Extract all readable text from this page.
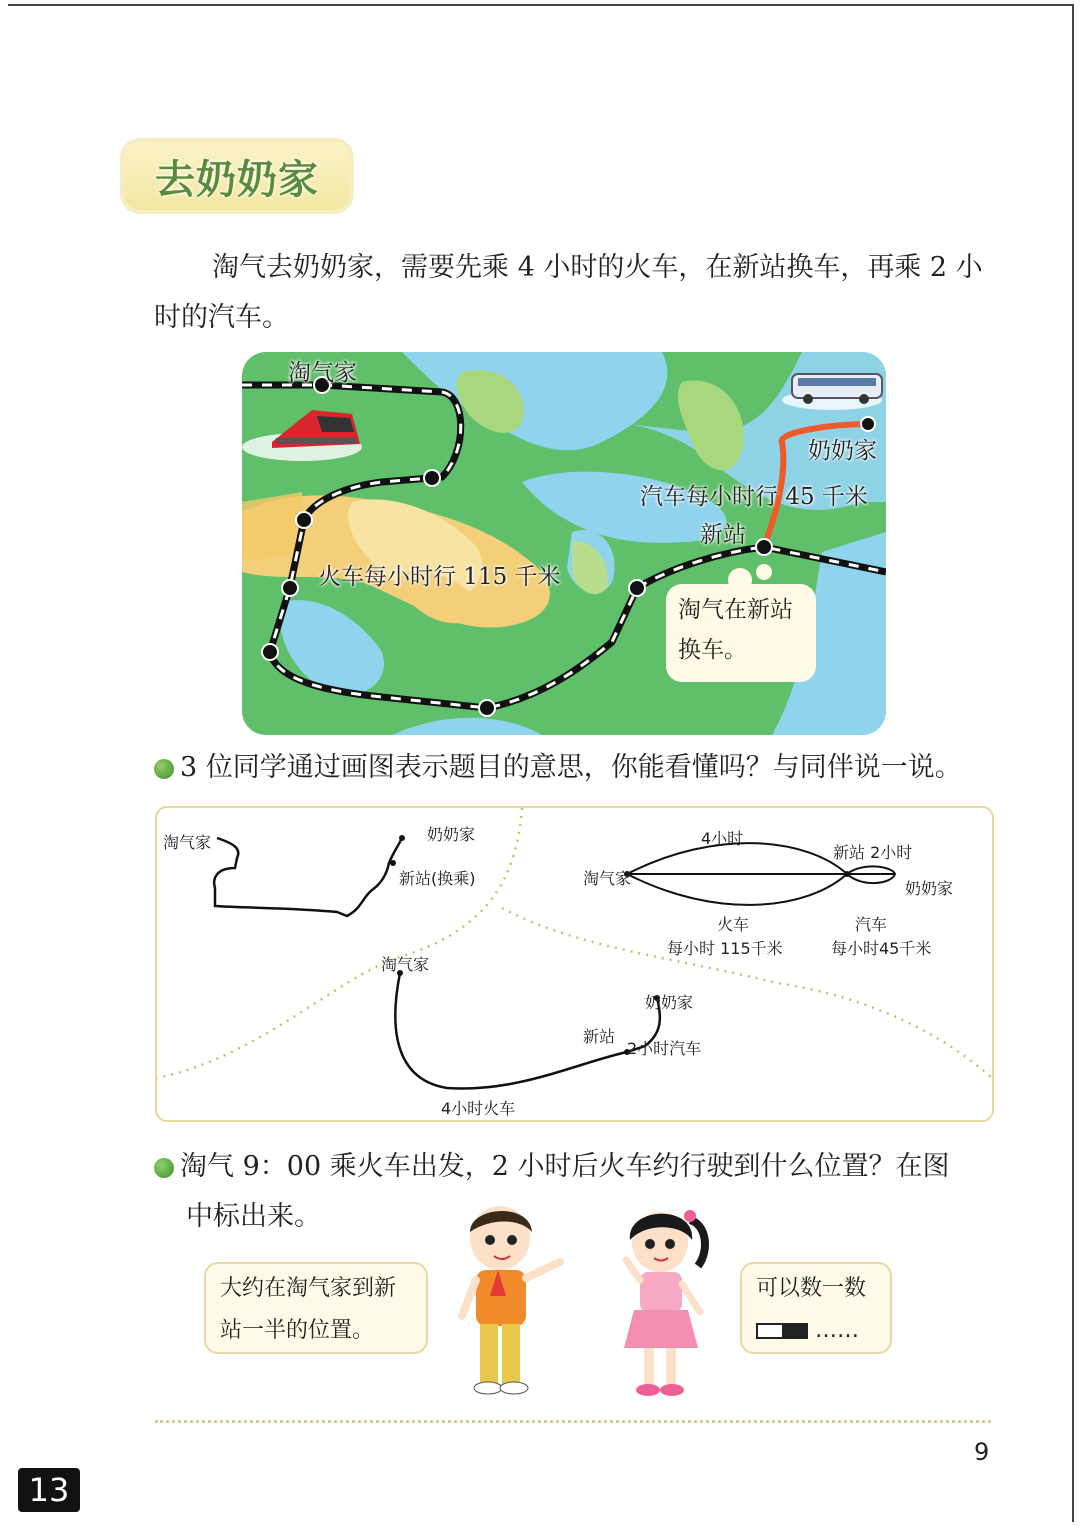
去奶奶家
淘气去奶奶家，需要先乘 4 小时的火车，在新站换车，再乘 2 小时的汽车。
淘气家
奶奶家
汽车每小时行 45 千米
新站
火车每小时行 115 千米
淘气在新站
换车。
3 位同学通过画图表示题目的意思，你能看懂吗？与同伴说一说。
淘气家	奶奶家
新站(换乘)
4小时
新站 2小时
淘气家
奶奶家
火车
每小时 115千米
汽车
每小时45千米
淘气家
奶奶家
新站
2小时汽车
4小时火车
淘气 9：00 乘火车出发，2 小时后火车约行驶到什么位置？在图
中标出来。
大约在淘气家到新
站一半的位置。
可以数一数
……
9
13
